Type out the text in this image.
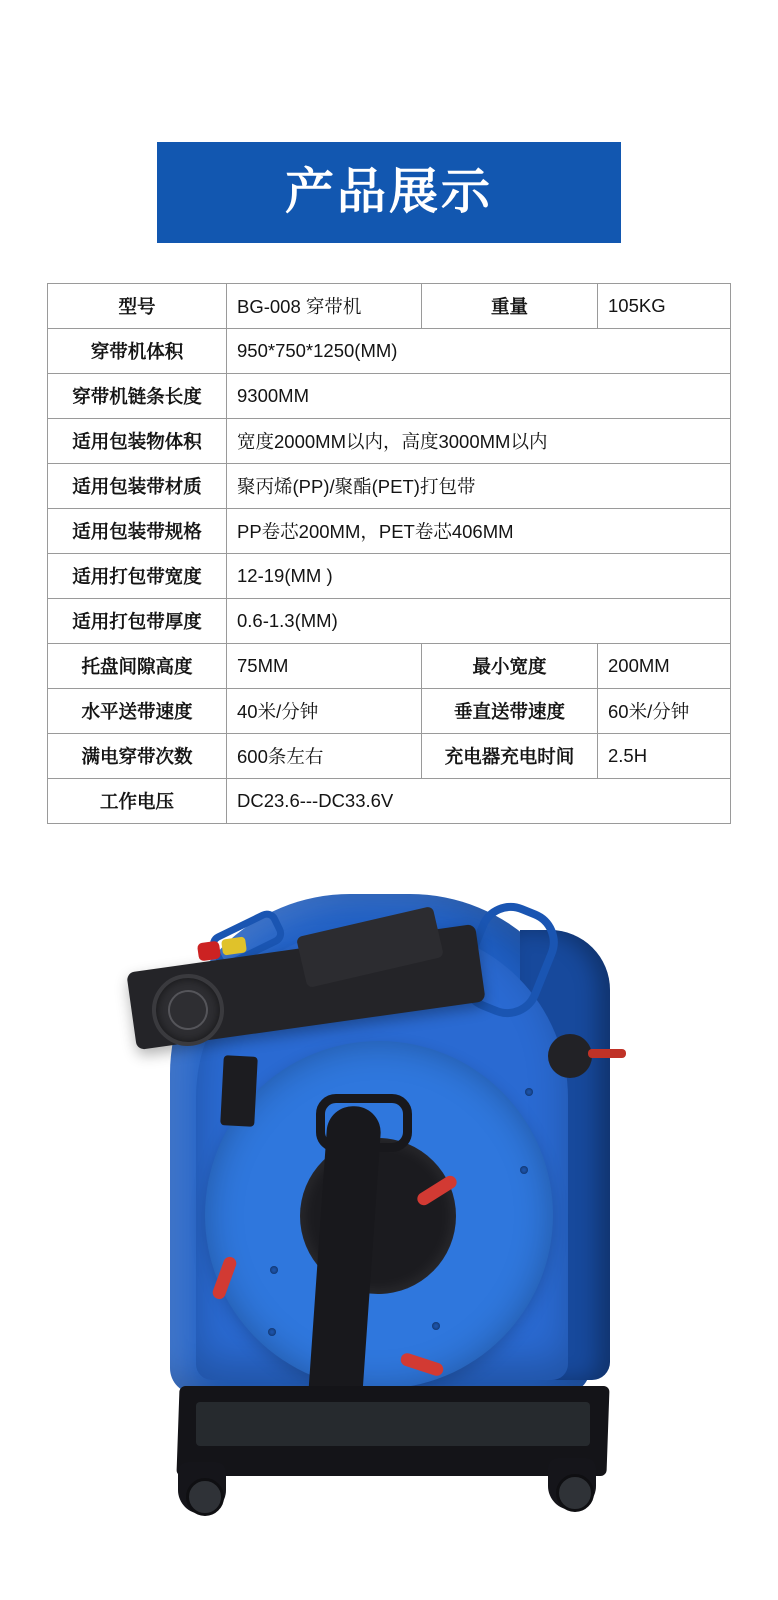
产品展示
型号	BG-008 穿带机	重量	105KG
穿带机体积	950*750*1250(MM)		
穿带机链条长度	9300MM		
适用包装物体积	宽度2000MM以内，高度3000MM以内		
适用包装带材质	聚丙烯(PP)/聚酯(PET)打包带		
适用包装带规格	PP卷芯200MM，PET卷芯406MM		
适用打包带宽度	12-19(MM )		
适用打包带厚度	0.6-1.3(MM)		
托盘间隙高度	75MM	最小宽度	200MM
水平送带速度	40米/分钟	垂直送带速度	60米/分钟
满电穿带次数	600条左右	充电器充电时间	2.5H
工作电压	DC23.6---DC33.6V		
